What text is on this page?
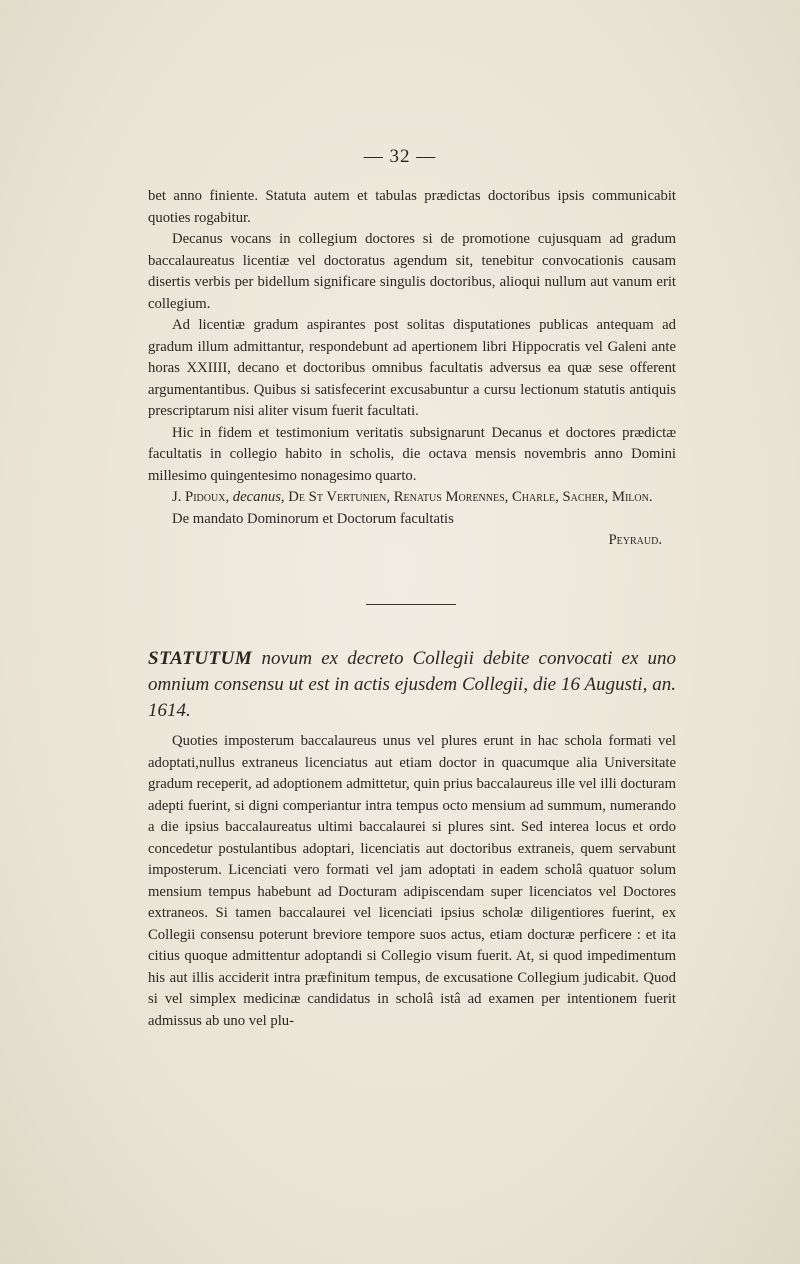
— 32 —

bet anno finiente. Statuta autem et tabulas prædictas doctoribus ipsis communicabit quoties rogabitur.

Decanus vocans in collegium doctores si de promotione cujusquam ad gradum baccalaureatus licentiæ vel doctoratus agendum sit, tenebitur convocationis causam disertis verbis per bidellum significare singulis doctoribus, alioqui nullum aut vanum erit collegium.

Ad licentiæ gradum aspirantes post solitas disputationes publicas antequam ad gradum illum admittantur, respondebunt ad apertionem libri Hippocratis vel Galeni ante horas XXIIII, decano et doctoribus omnibus facultatis adversus ea quæ sese offerent argumentantibus. Quibus si satisfecerint excusabuntur a cursu lectionum statutis antiquis prescriptarum nisi aliter visum fuerit facultati.

Hic in fidem et testimonium veritatis subsignarunt Decanus et doctores prædictæ facultatis in collegio habito in scholis, die octava mensis novembris anno Domini millesimo quingentesimo nonagesimo quarto.

J. Pidoux, decanus, De St Vertunien, Renatus Morennes, Charle, Sacher, Milon.

De mandato Dominorum et Doctorum facultatis

Peyraud.

STATUTUM novum ex decreto Collegii debite convocati ex uno omnium consensu ut est in actis ejusdem Collegii, die 16 Augusti, an. 1614.

Quoties imposterum baccalaureus unus vel plures erunt in hac schola formati vel adoptati,nullus extraneus licenciatus aut etiam doctor in quacumque alia Universitate gradum receperit, ad adoptionem admittetur, quin prius baccalaureus ille vel illi docturam adepti fuerint, si digni comperiantur intra tempus octo mensium ad summum, numerando a die ipsius baccalaureatus ultimi baccalaurei si plures sint. Sed interea locus et ordo concedetur postulantibus adoptari, licenciatis aut doctoribus extraneis, quem servabunt imposterum. Licenciati vero formati vel jam adoptati in eadem scholâ quatuor solum mensium tempus habebunt ad Docturam adipiscendam super licenciatos vel Doctores extraneos. Si tamen baccalaurei vel licenciati ipsius scholæ diligentiores fuerint, ex Collegii consensu poterunt breviore tempore suos actus, etiam docturæ perficere : et ita citius quoque admittentur adoptandi si Collegio visum fuerit. At, si quod impedimentum his aut illis acciderit intra præfinitum tempus, de excusatione Collegium judicabit. Quod si vel simplex medicinæ candidatus in scholâ istâ ad examen per intentionem fuerit admissus ab uno vel plu-
